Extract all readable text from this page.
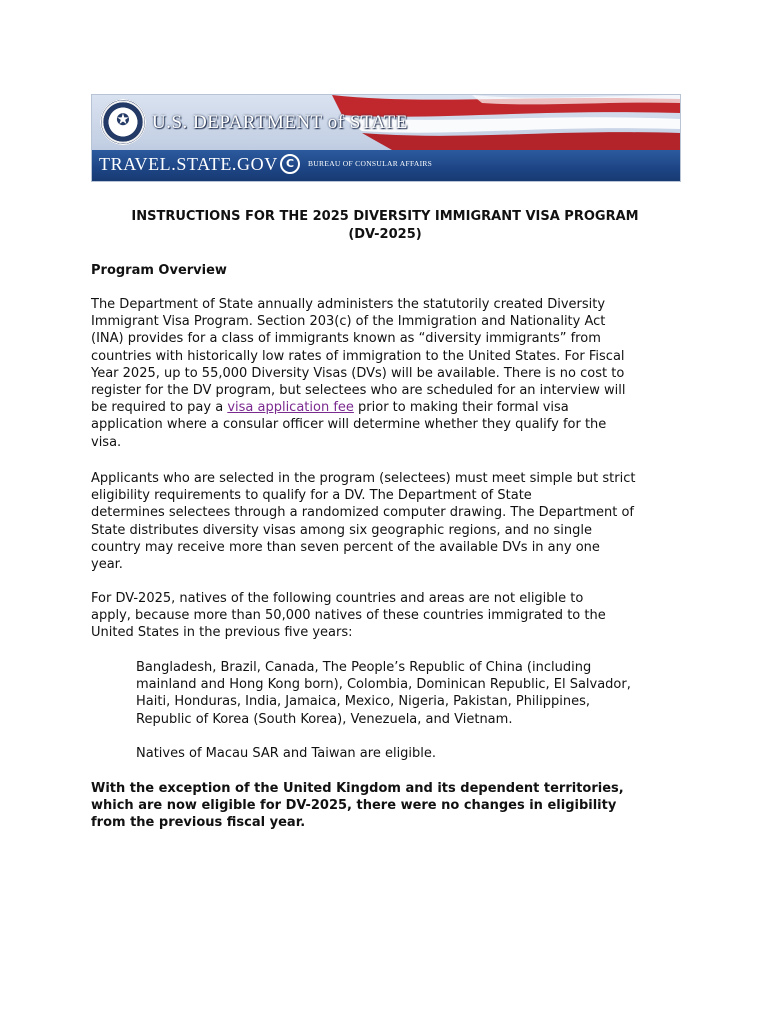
✪	U.S. DEPARTMENT of STATE
TRAVEL.STATE.GOV C	BUREAU OF CONSULAR AFFAIRS
INSTRUCTIONS FOR THE 2025 DIVERSITY IMMIGRANT VISA PROGRAM
(DV-2025)
Program Overview
The Department of State annually administers the statutorily created Diversity
Immigrant Visa Program. Section 203(c) of the Immigration and Nationality Act
(INA) provides for a class of immigrants known as “diversity immigrants” from
countries with historically low rates of immigration to the United States. For Fiscal
Year 2025, up to 55,000 Diversity Visas (DVs) will be available. There is no cost to
register for the DV program, but selectees who are scheduled for an interview will
be required to pay a visa application fee prior to making their formal visa
application where a consular officer will determine whether they qualify for the
visa.
Applicants who are selected in the program (selectees) must meet simple but strict
eligibility requirements to qualify for a DV. The Department of State
determines selectees through a randomized computer drawing. The Department of
State distributes diversity visas among six geographic regions, and no single
country may receive more than seven percent of the available DVs in any one
year.
For DV-2025, natives of the following countries and areas are not eligible to
apply, because more than 50,000 natives of these countries immigrated to the
United States in the previous five years:
Bangladesh, Brazil, Canada, The People’s Republic of China (including
mainland and Hong Kong born), Colombia, Dominican Republic, El Salvador,
Haiti, Honduras, India, Jamaica, Mexico, Nigeria, Pakistan, Philippines,
Republic of Korea (South Korea), Venezuela, and Vietnam.
Natives of Macau SAR and Taiwan are eligible.
With the exception of the United Kingdom and its dependent territories,
which are now eligible for DV-2025, there were no changes in eligibility
from the previous fiscal year.
